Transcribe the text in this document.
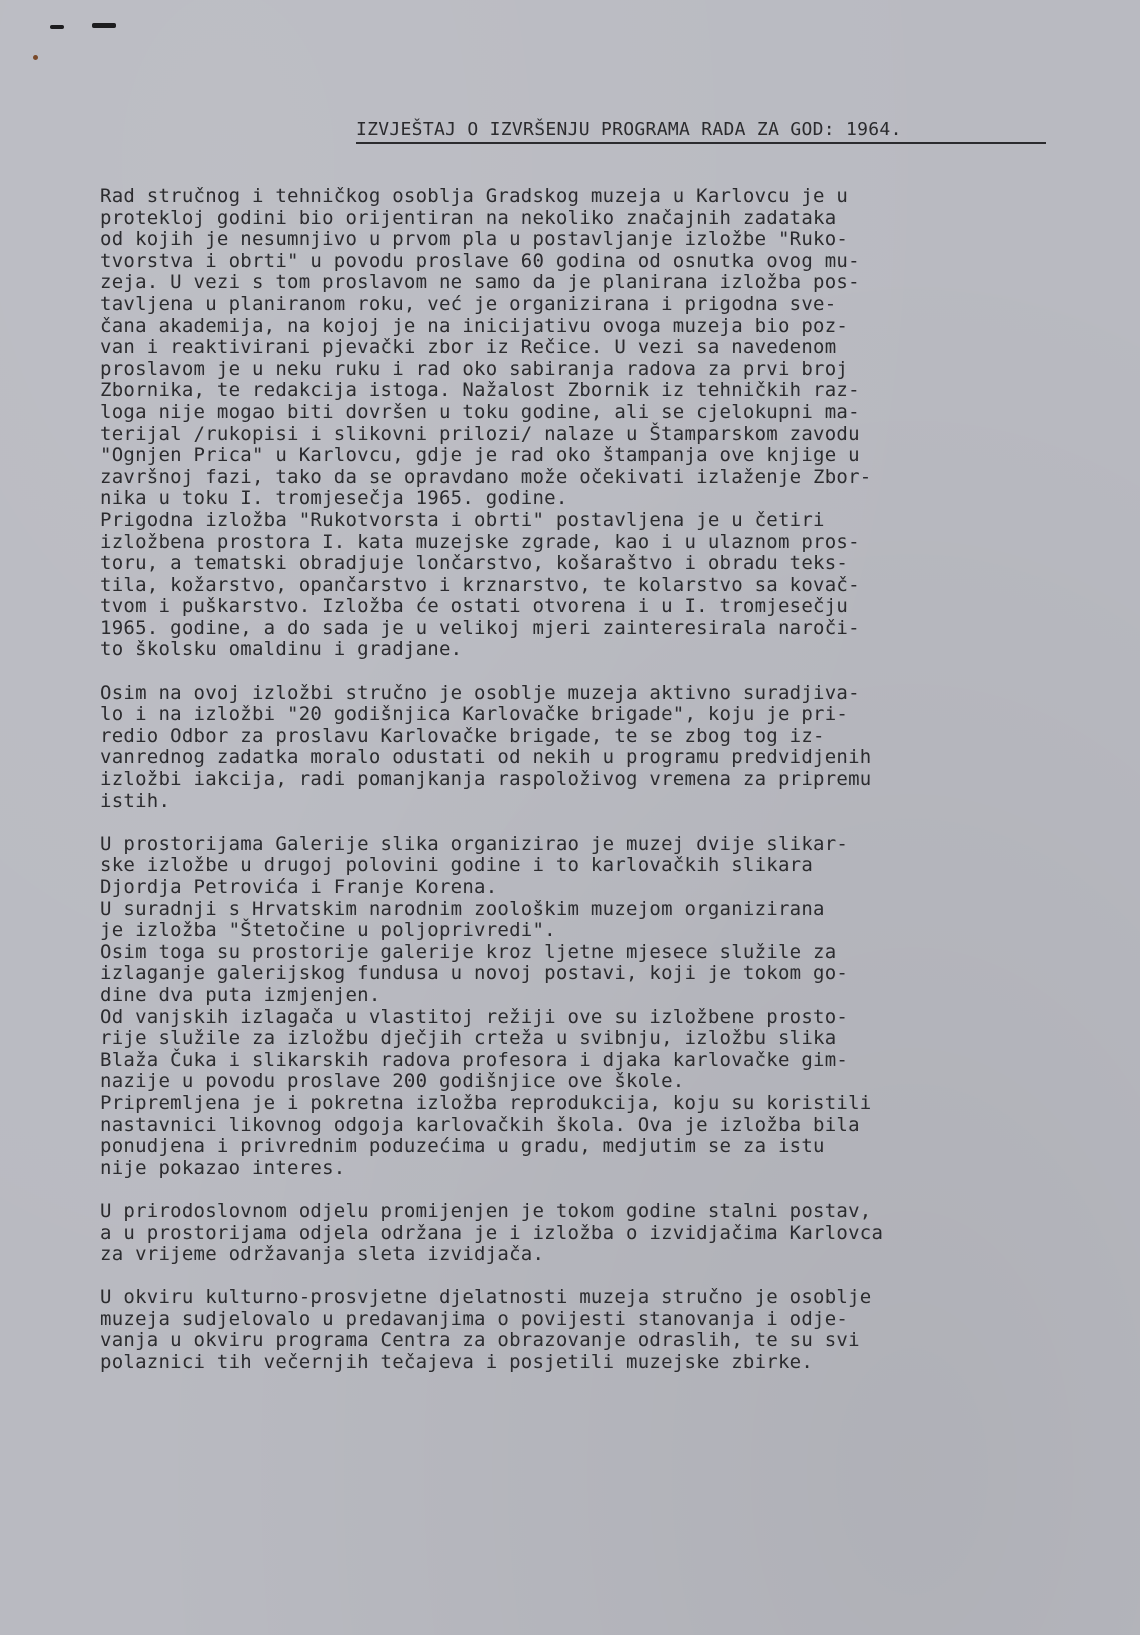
IZVJEŠTAJ O IZVRŠENJU PROGRAMA RADA ZA GOD: 1964.
Rad stručnog i tehničkog osoblja Gradskog muzeja u Karlovcu je u
proteklој godini bio orijentiran na nekoliko značajnih zadataka
od kojih je nesumnjivo u prvom pla u postavljanje izložbe "Ruko-
tvorstva i obrti" u povodu proslave 60 godina od osnutka ovog mu-
zeja. U vezi s tom proslavom ne samo da je planirana izložba pos-
tavljena u planiranom roku, već je organizirana i prigodna sve-
čana akademija, na kojoj je na inicijativu ovoga muzeja bio poz-
van i reaktivirani pjevački zbor iz Rečice. U vezi sa navedenom
proslavom je u neku ruku i rad oko sabiranja radova za prvi broj
Zbornika, te redakcija istoga. Nažalost Zbornik iz tehničkih raz-
loga nije mogao biti dovršen u toku godine, ali se cjelokupni ma-
terijal /rukopisi i slikovni prilozi/ nalaze u Štamparskom zavodu
"Ognjen Prica" u Karlovcu, gdje je rad oko štampanja ove knjige u
završnoj fazi, tako da se opravdano može očekivati izlaženje Zbor-
nika u toku I. tromjesečja 1965. godine.
Prigodna izložba "Rukotvorsta i obrti" postavljena je u četiri
izložbena prostora I. kata muzejske zgrade, kao i u ulaznom pros-
toru, a tematski obradjuje lončarstvo, košaraštvo i obradu teks-
tila, kožarstvo, opančarstvo i krznarstvo, te kolarstvo sa kovač-
tvom i puškarstvo. Izložba će ostati otvorena i u I. tromjesečju
1965. godine, a do sada je u velikoj mjeri zainteresirala naroči-
to školsku omaldinu i gradjane.
Osim na ovoj izložbi stručno je osoblje muzeja aktivno suradjiva-
lo i na izložbi "20 godišnjica Karlovačke brigade", koju je pri-
redio Odbor za proslavu Karlovačke brigade, te se zbog tog iz-
vanrednog zadatka moralo odustati od nekih u programu predvidjenih
izložbi iakcija, radi pomanjkanja raspoloživog vremena za pripremu
istih.
U prostorijama Galerije slika organizirao je muzej dvije slikar-
ske izložbe u drugoj polovini godine i to karlovačkih slikara
Djordja Petrovića i Franje Korena.
U suradnji s Hrvatskim narodnim zoološkim muzejom organizirana
je izložba "Štetočine u poljoprivredi".
Osim toga su prostorije galerije kroz ljetne mjesece služile za
izlaganje galerijskog fundusa u novoj postavi, koji je tokom go-
dine dva puta izmjenjen.
Od vanjskih izlagača u vlastitoj režiji ove su izložbene prosto-
rije služile za izložbu dječjih crteža u svibnju, izložbu slika
Blaža Čuka i slikarskih radova profesora i djaka karlovačke gim-
nazije u povodu proslave 200 godišnjice ove škole.
Pripremljena je i pokretna izložba reprodukcija, koju su koristili
nastavnici likovnog odgoja karlovačkih škola. Ova je izložba bila
ponudjena i privrednim poduzećima u gradu, medjutim se za istu
nije pokazao interes.
U prirodoslovnom odjelu promijenjen je tokom godine stalni postav,
a u prostorijama odjela održana je i izložba o izvidjačima Karlovca
za vrijeme održavanja sleta izvidjača.
U okviru kulturno-prosvjetne djelatnosti muzeja stručno je osoblje
muzeja sudjelovalo u predavanjima o povijesti stanovanja i odje-
vanja u okviru programa Centra za obrazovanje odraslih, te su svi
polaznici tih večernjih tečajeva i posjetili muzejske zbirke.
